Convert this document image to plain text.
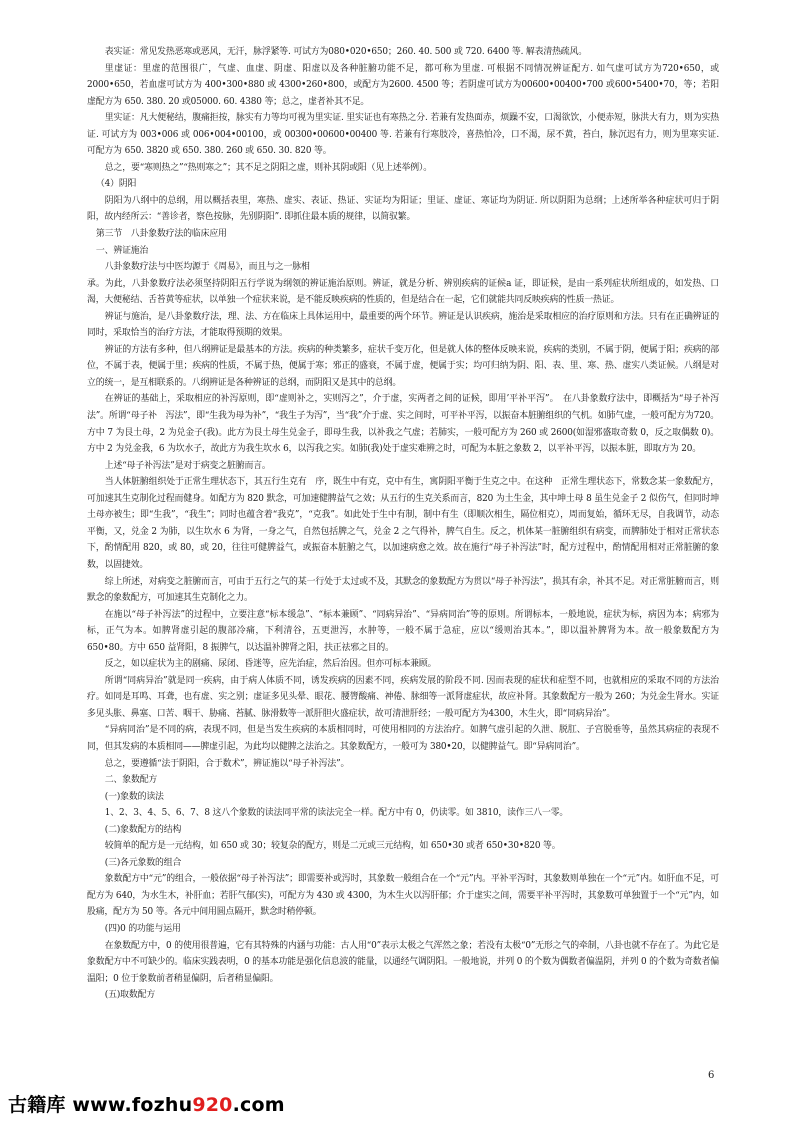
表实证：常见发热恶寒或恶风，无汗，脉浮紧等. 可试方为080•020•650；260. 40. 500 或 720. 6400 等. 解表清热疏风。

里虚证：里虚的范围很广，气虚、血虚、阴虚、阳虚以及各种脏腑功能不足，都可称为里虚. 可根据不同情况辨证配方. 如气虚可试方为720•650，或2000•650，若血虚可试方为 400•300•880 或 4300•260•800，或配方为2600. 4500 等；若阴虚可试方为00600•00400•700 或600•5400•70，等；若阳虚配方为 650. 380. 20 或05000. 60. 4380 等；总之，虚者补其不足。

里实证：凡大便秘结，腹痛拒按，脉实有力等均可视为里实证. 里实证也有寒热之分. 若兼有发热面赤，烦躁不安，口渴欲饮，小便赤短，脉洪大有力，则为实热证. 可试方为 003•006 或 006•004•00100，或 00300•00600•00400 等. 若兼有行寒肢冷，喜热怕冷，口不渴，尿不黄，苔白，脉沉迟有力，则为里寒实证. 可配方为 650. 3820 或 650. 380. 260 或 650. 30. 820 等。

总之，要“寒则热之”“热则寒之”；其不足之阴阳之虚，则补其阴或阳（见上述举例）。

（4）阴阳

阴阳为八纲中的总纲，用以概括表里，寒热、虚实、表证、热证、实证均为阳证；里证、虚证、寒证均为阴证. 所以阴阳为总纲；上述所举各种症状可归于阴阳，故内经所云：“善诊者，察色按脉，先别阴阳”. 即抓住最本质的规律，以简驭繁。

第三节　八卦象数疗法的临床应用

一、辨证施治

八卦象数疗法与中医均源于《周易》，而且与之一脉相

承。为此，八卦象数疗法必须坚持阴阳五行学说为纲领的辨证施治原则。辨证，就是分析、辨别疾病的证候a 证，即证候，是由一系列症状所组成的，如发热、口渴，大便秘结、舌苔黄等症状，以单独一个症状来说，是不能反映疾病的性质的，但是结合在一起，它们就能共同反映疾病的性质一热证。

辨证与施治，是八卦象数疗法，理、法、方在临床上具体运用中，最重要的两个环节。辨证是认识疾病，施治是采取相应的治疗原则和方法。只有在正确辨证的同时，采取恰当的治疗方法，才能取得预期的效果。

辨证的方法有多种，但八纲辨证是最基本的方法。疾病的种类繁多，症状千变万化，但是就人体的整体反映来说，疾病的类别，不属于阴，便属于阳；疾病的部位，不属于表，便属于里；疾病的性质，不属于热，便属于寒；邪正的盛衰，不属于虚，便属于实；均可归纳为阴、阳、表、里、寒、热、虚实八类证候。八纲是对立的统一，是互相联系的。八纲辨证是各种辨证的总纲，而阴阳又是其中的总纲。

在辨证的基础上，采取相应的补泻原则，即“虚则补之，实则泻之”，介于虚，实两者之间的证候，即用’平补平泻”。　在八卦象数疗法中，即概括为“母子补泻法”。所谓“母子补　泻法”，即“生我为母为补”，“我生子为泻”，当“我”介于虚、实之间时，可平补平泻，以振奋本脏腑组织的气机。如肺气虚，一般可配方为720。方中 7 为艮土母，2 为兑金子(我)。此方为艮土母生兑金子，即母生我，以补我之气虚；若肺实，一般可配方为 260 或 2600(如湿邪盛取奇数 0，反之取偶数 0)。方中 2 为兑金我，6 为坎水子，故此方为我生坎水 6，以泻我之实。如肺(我)处于虚实难辨之时，可配为本脏之象数 2，以平补平泻，以振本脏，即取方为 20。

上述“母子补泻法”是对于病变之脏腑而言。

当人体脏腑组织处于正常生理状态下，其五行生克有　序，既生中有克，克中有生，寓阴阳平衡于生克之中。在这种　正常生理状态下，常数念某一象数配方，可加速其生克制化过程而健身。如配方为 820 默念，可加速健脾益气之效；从五行的生克关系而言，820 为土生金，其中坤土母 8 虽生兑金子 2 似伤气，但同时坤土母亦被生；即“生我”，“我生”；同时也蕴含着“我克”，“克我”。如此处于生中有制，制中有生（即顺次相生，隔位相克），周而复始，循环无尽，自我调节，动态平衡，又，兑金 2 为肺，以生坎水 6 为肾，一身之气，自然包括脾之气，兑金 2 之气得补，脾气自生。反之，机体某一脏腑组织有病变，而脾肺处于相对正常状态下，酌情配用 820，或 80，或 20，往往可健脾益气，或振奋本脏腑之气，以加速病愈之效。故在施行“母子补泻法”时，配方过程中，酌情配用相对正常脏腑的象数，以固捷效。

综上所述，对病变之脏腑而言，可由于五行之气的某一行处于太过或不及，其默念的象数配方为贯以“母子补泻法”，损其有余，补其不足。对正常脏腑而言，则默念的象数配方，可加速其生克制化之力。

在施以“母子补泻法”的过程中，立要注意“标本缓急”、“标本兼顾”、“同病异治”、“异病同治”等的原则。所谓标本，一般地说，症状为标，病因为本；病邪为标，正气为本。如脾肾虚引起的腹部冷痛，下利清谷，五更泄泻，水肿等，一般不属于急症，应以“缓则治其本。”，即以温补脾肾为本。故一般象数配方为 650•80。方中 650 益肾阳，8 振脾气，以达温补脾肾之阳，扶正祛邪之目的。

反之，如以症状为主的剧痛、尿闭、昏迷等，应先治症，然后治因。但亦可标本兼顾。

所谓“同病异治”就是同一疾病，由于病人体质不同，诱发疾病的因素不同，疾病发展的阶段不同. 因而表现的症状和症型不同，也就相应的采取不同的方法治疗。如同是耳鸣、耳聋，也有虚、实之别；虚证多见头晕、眼花、腰膂酸痛、神倦、脉细等一派肾虚症状，故应补肾。其象数配方一般为 260；为兑金生肾水。实证多见头胀、鼻塞、口苦、咽干、胁痛、苔腻、脉滑数等一派肝胆火盛症状，故可清泄肝经；一般可配方为4300，木生火，即“同病异治”。

“异病同治”是不同的病，表现不同，但是当发生疾病的本质相同时，可使用相同的方法治疗。如脾气虚引起的久泄、脱肛、子宫脱垂等，虽然其病症的表现不同，但其发病的本质相同——脾虚引起，为此均以健脾之法治之。其象数配方，一般可为 380•20，以健脾益气。即“异病同治”。

总之，要遵循“法于阴阳，合于数术”，辨证施以“母子补泻法”。

二、象数配方

(一)象数的读法

1、2、3、4、5、6、7、8 这八个象数的读法同平常的读法完全一样。配方中有 0，仍读零。如 3810，读作三八一零。

(二)象数配方的结构

较简单的配方是一元结构，如 650 或 30；较复杂的配方，则是二元或三元结构，如 650•30 或者 650•30•820 等。

(三)各元象数的组合

象数配方中“元”的组合，一般依据“母子补泻法”；即需要补或泻时，其象数一般组合在一个“元”内。平补平泻时，其象数则单独在一个“元”内。如肝血不足，可配方为 640，为水生木，补肝血；若肝气郁(实)，可配方为 430 或 4300，为木生火以泻肝郁；介于虚实之间，需要平补平泻时，其象数可单独置于一个“元”内，如股痛，配方为 50 等。各元中间用圆点隔开，默念时稍停顿。

(四)0 的功能与运用

在象数配方中，0 的使用很普遍，它有其特殊的内涵与功能：古人用“0”表示太极之气浑然之象；若没有太极“0”无形之气的牵制，八卦也就不存在了。为此它是象数配方中不可缺少的。临床实践表明，0 的基本功能是强化信息波的能量，以通经气调阴阳。一般地说，并列 0 的个数为偶数者偏温阴，并列 0 的个数为奇数者偏温阳；0 位于象数前者稍显偏阴，后者稍显偏阳。

(五)取数配方

6
古籍库 www.fozhu920.com
